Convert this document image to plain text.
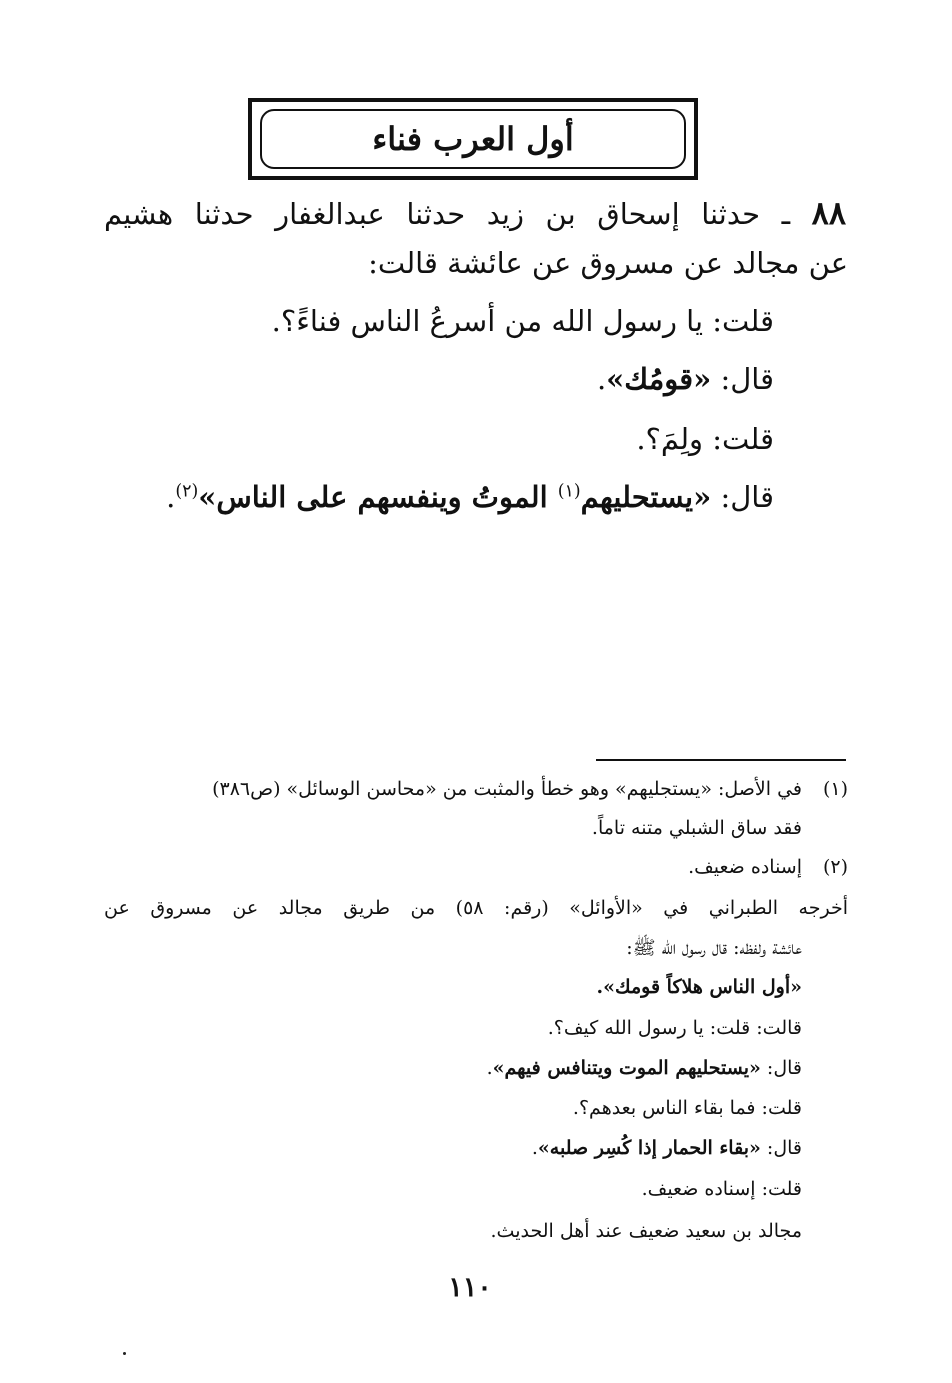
أول العرب فناء
٨٨ ـ حدثنا إسحاق بن زيد حدثنا عبدالغفار حدثنا هشيم
عن مجالد عن مسروق عن عائشة قالت:
قلت: يا رسول الله من أسرعُ الناس فناءً؟.
قال: «قومُك».
قلت: ولِمَ؟.
قال: «يستحليهم$^{(١)}$ الموتُ وينفسهم على الناس»$^{(٢)}$.
(١)
في الأصل: «يستجليهم» وهو خطأ والمثبت من «محاسن الوسائل» (ص٣٨٦)
فقد ساق الشبلي متنه تاماً.
(٢)
إسناده ضعيف.
أخرجه الطبراني في «الأوائل» (رقم: ٥٨) من طريق مجالد عن مسروق عن
عائشة ولفظه: قال رسول الله ﷺ:
«أول الناس هلاكاً قومك».
قالت: قلت: يا رسول الله كيف؟.
قال: «يستحليهم الموت ويتنافس فيهم».
قلت: فما بقاء الناس بعدهم؟.
قال: «بقاء الحمار إذا كُسِر صلبه».
قلت: إسناده ضعيف.
مجالد بن سعيد ضعيف عند أهل الحديث.
١١٠
